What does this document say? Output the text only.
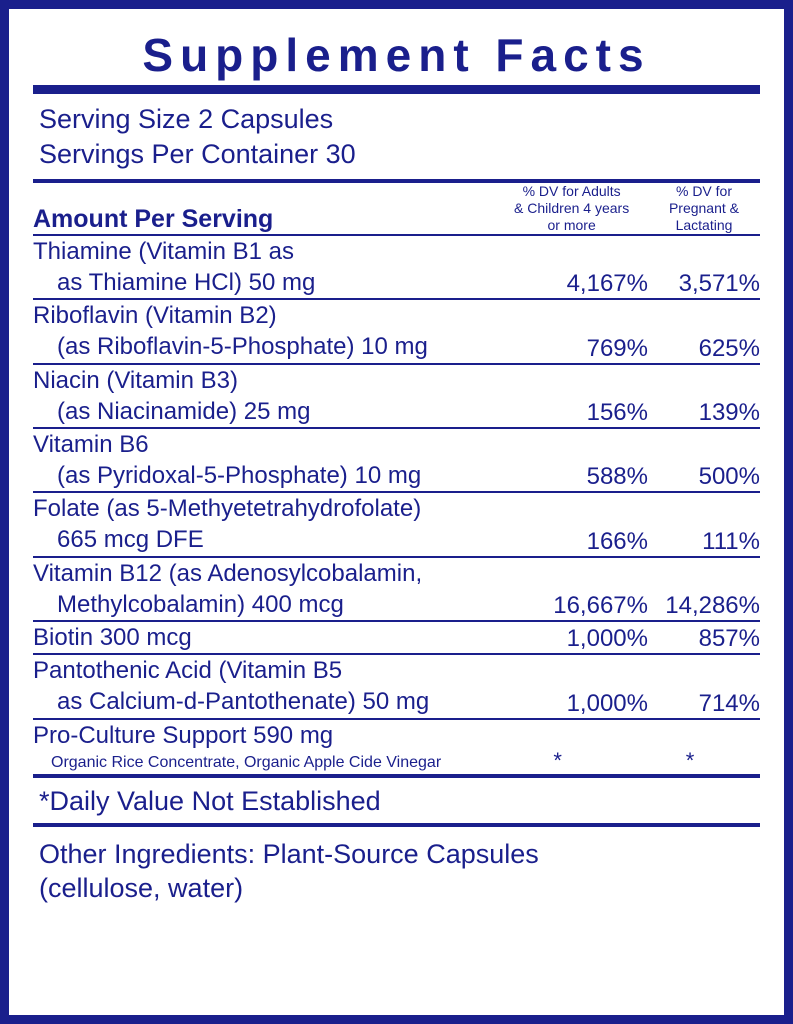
Supplement Facts
Serving Size 2 Capsules
Servings Per Container 30
Amount Per Serving	
% DV for Adults
& Children 4 years
or more

% DV for
Pregnant &
Lactating

Thiamine (Vitamin B1 as
as Thiamine HCl) 50 mg	4,167%	3,571%

Riboflavin (Vitamin B2)
(as Riboflavin-5-Phosphate) 10 mg	769%	625%

Niacin (Vitamin B3)
(as Niacinamide) 25 mg	156%	139%

Vitamin B6
(as Pyridoxal-5-Phosphate) 10 mg	588%	500%

Folate (as 5-Methyetetrahydrofolate)
665 mcg DFE	166%	111%

Vitamin B12 (as Adenosylcobalamin,
Methylcobalamin) 400 mcg	16,667%	14,286%

Biotin 300 mcg	1,000%	857%

Pantothenic Acid (Vitamin B5
as Calcium-d-Pantothenate) 50 mg	1,000%	714%

Pro-Culture Support 590 mg
Organic Rice Concentrate, Organic Apple Cide Vinegar	*	*
*Daily Value Not Established
Other Ingredients: Plant-Source Capsules
(cellulose, water)
